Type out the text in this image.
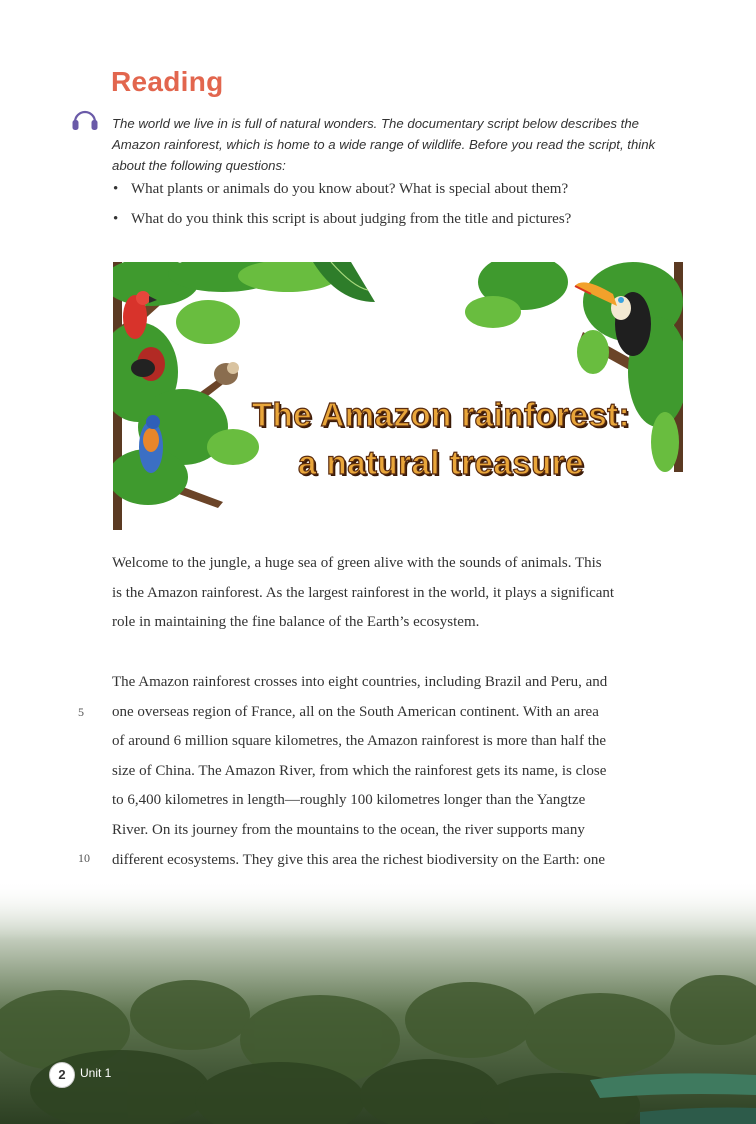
Reading
The world we live in is full of natural wonders. The documentary script below describes the Amazon rainforest, which is home to a wide range of wildlife. Before you read the script, think about the following questions:
• What plants or animals do you know about? What is special about them?
• What do you think this script is about judging from the title and pictures?
The Amazon rainforest:
a natural treasure
Welcome to the jungle, a huge sea of green alive with the sounds of animals. This
is the Amazon rainforest. As the largest rainforest in the world, it plays a significant
role in maintaining the fine balance of the Earth’s ecosystem.
The Amazon rainforest crosses into eight countries, including Brazil and Peru, and
one overseas region of France, all on the South American continent. With an area
of around 6 million square kilometres, the Amazon rainforest is more than half the
size of China. The Amazon River, from which the rainforest gets its name, is close
to 6,400 kilometres in length—roughly 100 kilometres longer than the Yangtze
River. On its journey from the mountains to the ocean, the river supports many
different ecosystems. They give this area the richest biodiversity on the Earth: one
5
10
2	Unit 1
